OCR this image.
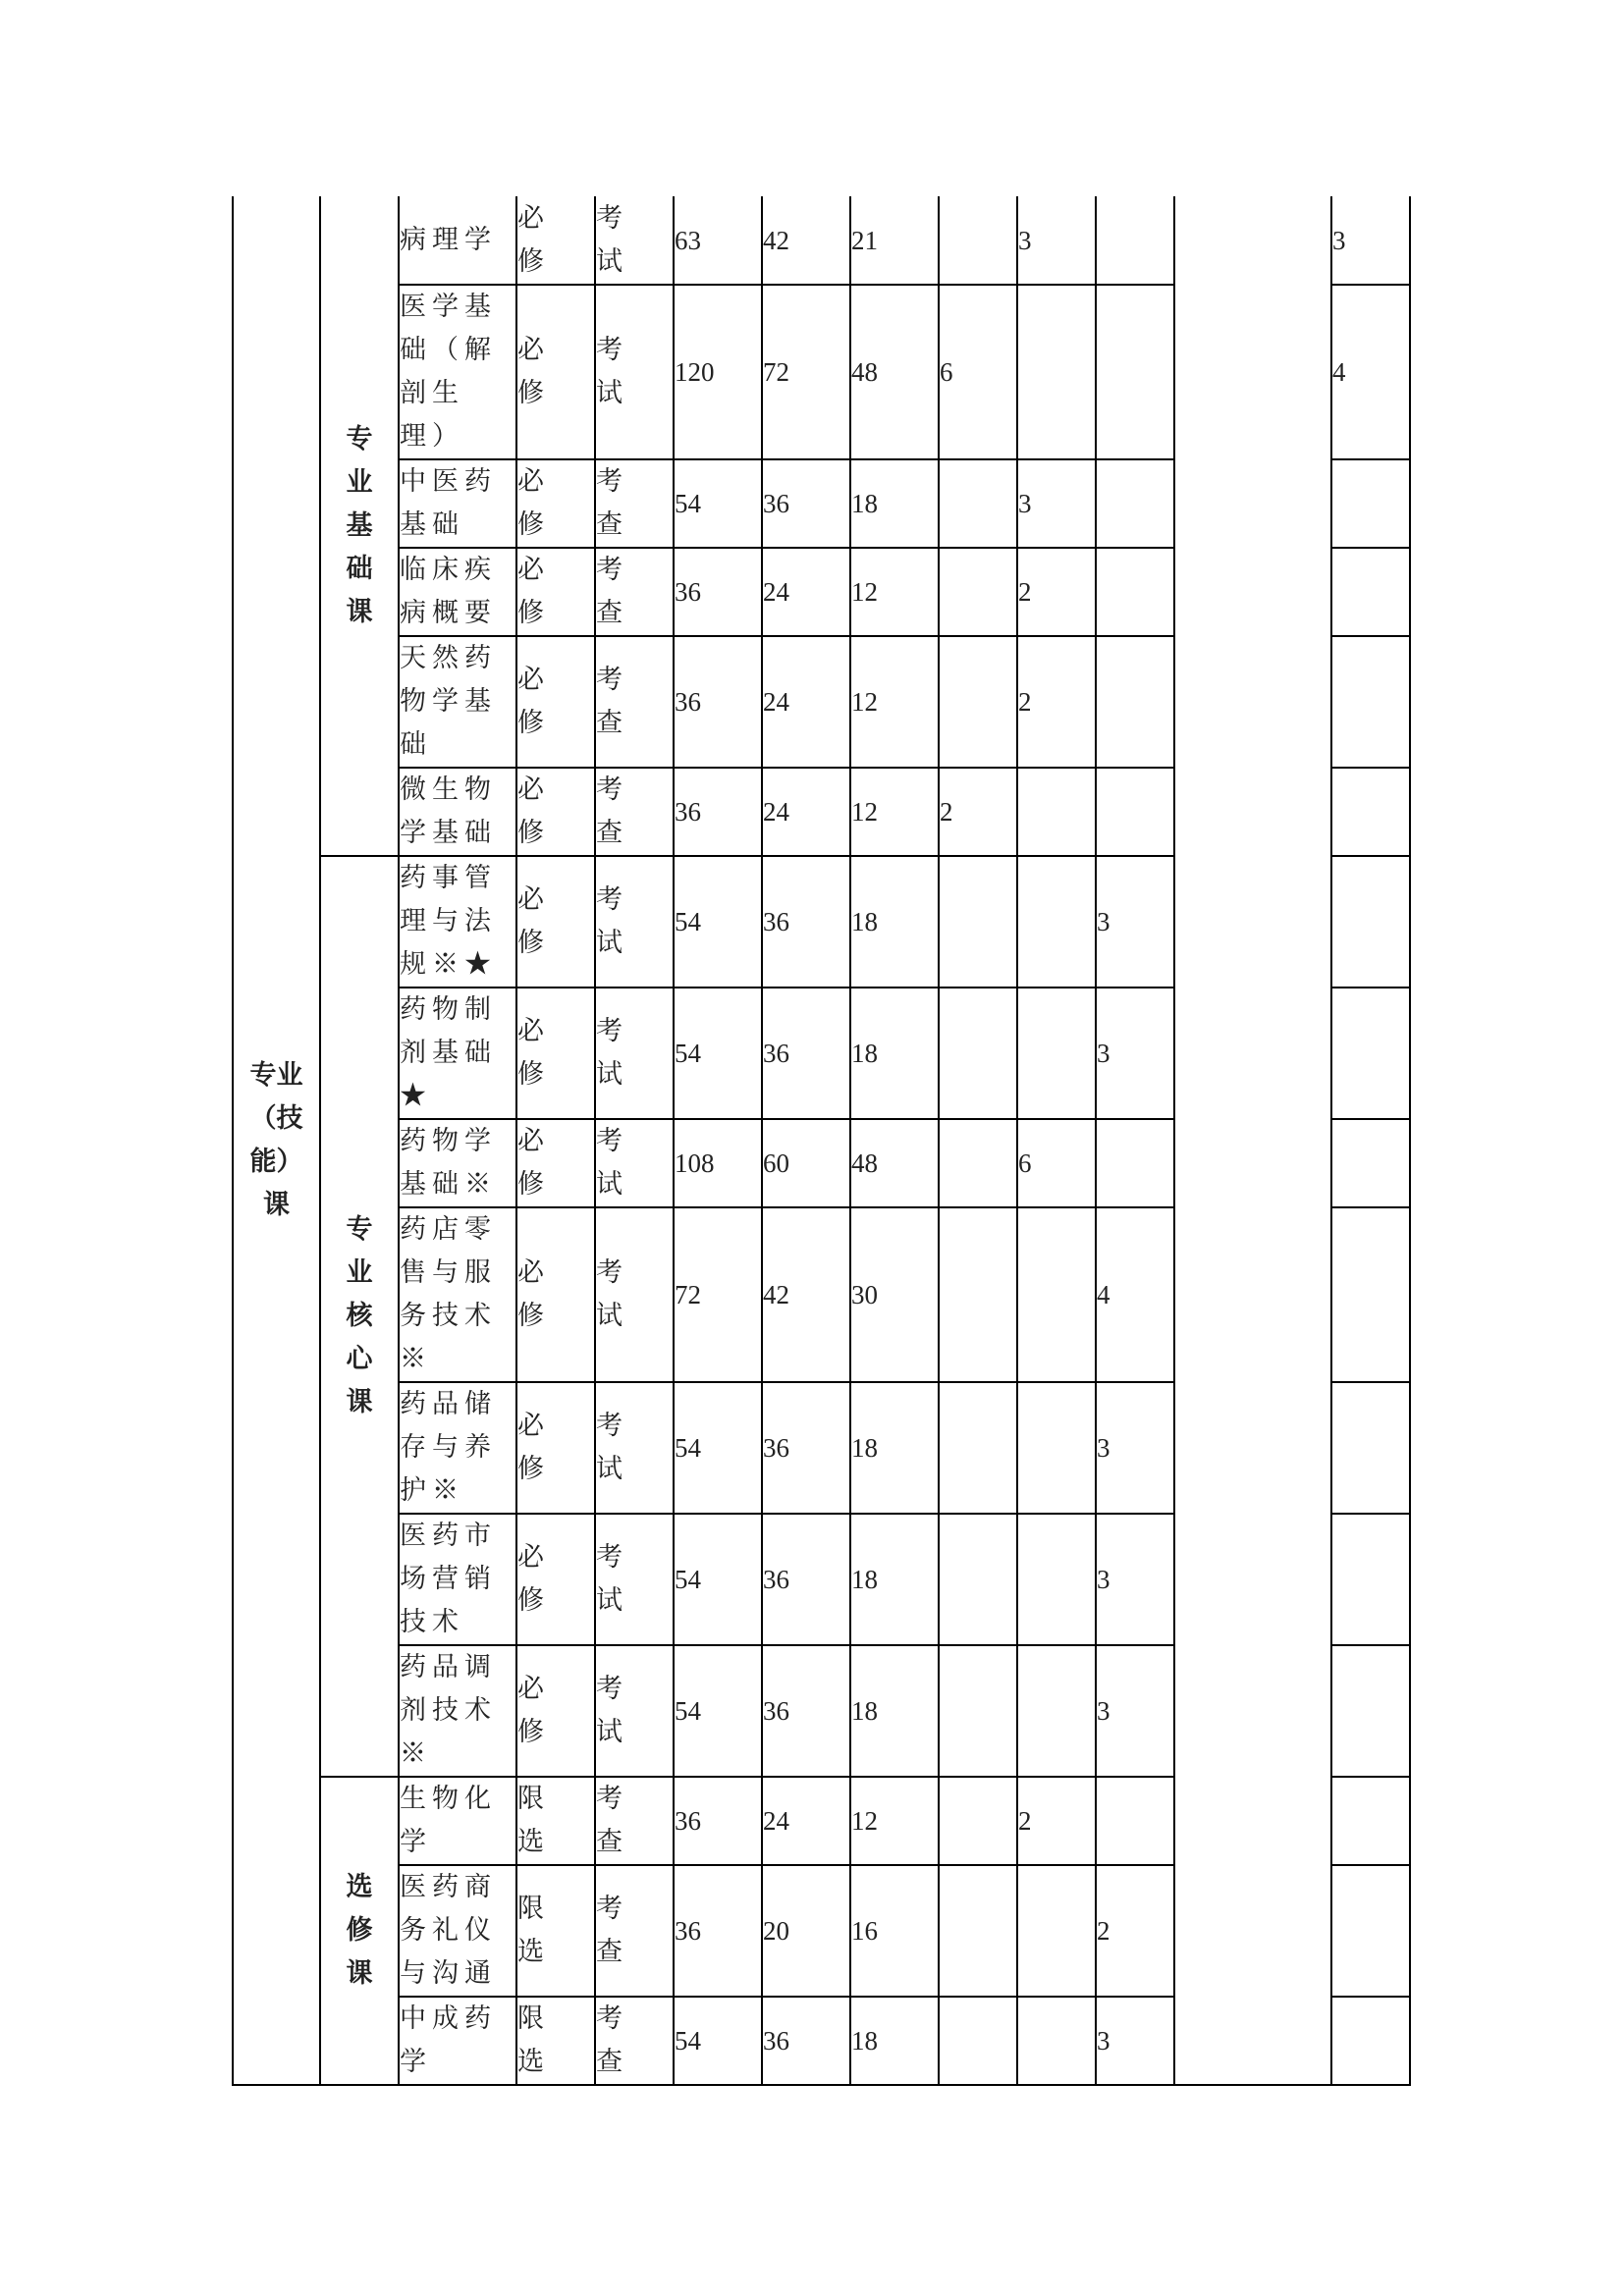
专业（技能）课	专业基础课	病理学	必修	考试	63	42	21		3			3
		医学基础（解剖生理）	必修	考试	120	72	48	6				4
		中医药基础	必修	考查	54	36	18		3			
		临床疾病概要	必修	考查	36	24	12		2			
		天然药物学基础	必修	考查	36	24	12		2			
		微生物学基础	必修	考查	36	24	12	2				
	专业核心课	药事管理与法规※★	必修	考试	54	36	18			3		
		药物制剂基础★	必修	考试	54	36	18			3		
		药物学基础※	必修	考试	108	60	48		6			
		药店零售与服务技术※	必修	考试	72	42	30			4		
		药品储存与养护※	必修	考试	54	36	18			3		
		医药市场营销技术	必修	考试	54	36	18			3		
		药品调剂技术※	必修	考试	54	36	18			3		
	选修课	生物化学	限选	考查	36	24	12		2			
		医药商务礼仪与沟通	限选	考查	36	20	16			2		
		中成药学	限选	考查	54	36	18			3		
